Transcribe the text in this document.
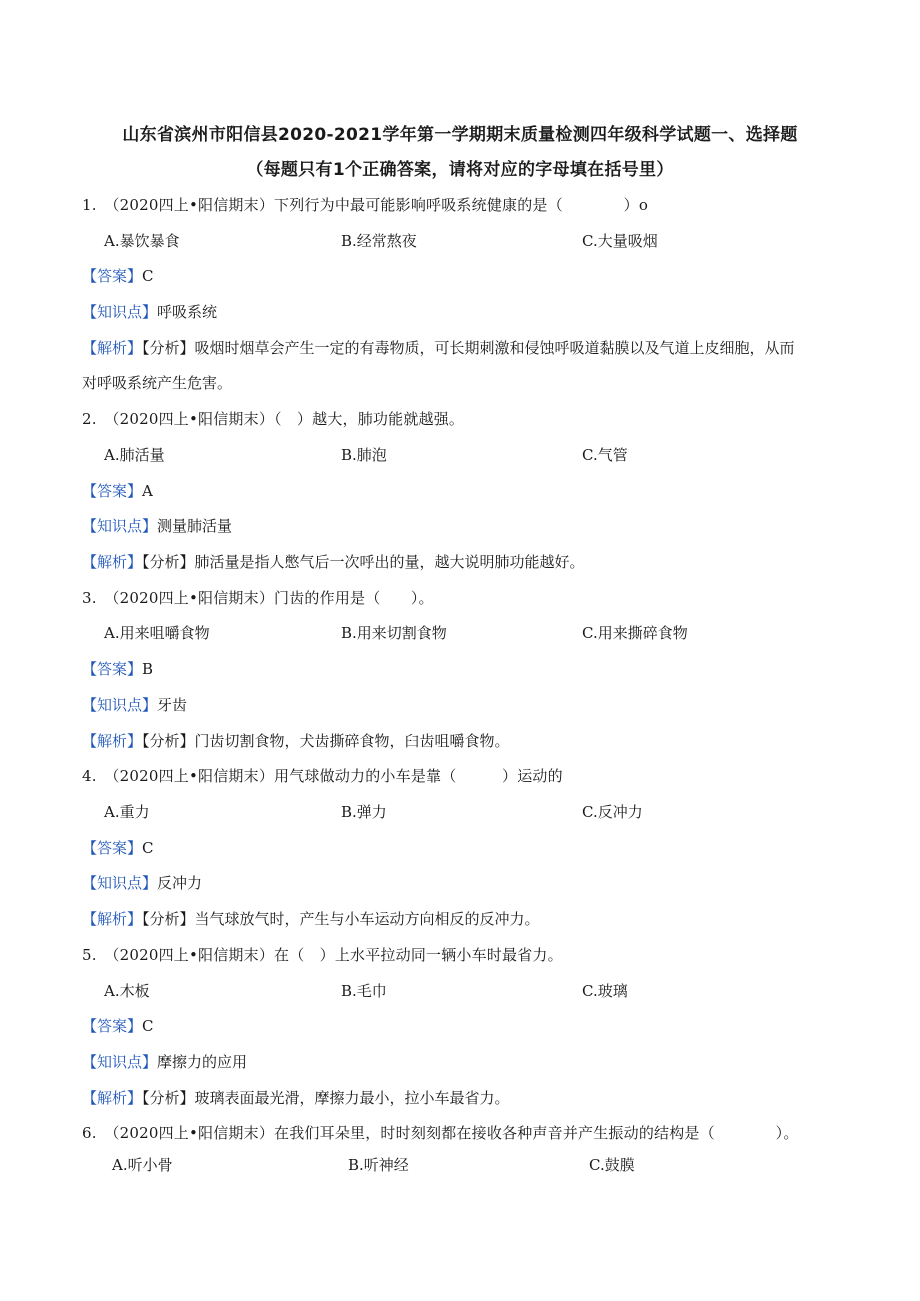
山东省滨州市阳信县2020-2021学年第一学期期末质量检测四年级科学试题一、选择题
（每题只有1个正确答案，请将对应的字母填在括号里）
1.　（2020四上•阳信期末）下列行为中最可能影响呼吸系统健康的是（　　　　）o
A.暴饮暴食	B.经常熬夜	C.大量吸烟
【答案】C
【知识点】呼吸系统
【解析】【分析】吸烟时烟草会产生一定的有毒物质，可长期刺激和侵蚀呼吸道黏膜以及气道上皮细胞，从而
对呼吸系统产生危害。
2.　（2020四上•阳信期末）（　）越大，肺功能就越强。
A.肺活量	B.肺泡	C.气管
【答案】A
【知识点】测量肺活量
【解析】【分析】肺活量是指人憋气后一次呼出的量，越大说明肺功能越好。
3.　（2020四上•阳信期末）门齿的作用是（　　）。
A.用来咀嚼食物	B.用来切割食物	C.用来撕碎食物
【答案】B
【知识点】牙齿
【解析】【分析】门齿切割食物，犬齿撕碎食物，臼齿咀嚼食物。
4.　（2020四上•阳信期末）用气球做动力的小车是靠（　　　）运动的
A.重力	B.弹力	C.反冲力
【答案】C
【知识点】反冲力
【解析】【分析】当气球放气时，产生与小车运动方向相反的反冲力。
5.　（2020四上•阳信期末）在（　）上水平拉动同一辆小车时最省力。
A.木板	B.毛巾	C.玻璃
【答案】C
【知识点】摩擦力的应用
【解析】【分析】玻璃表面最光滑，摩擦力最小，拉小车最省力。
6.　（2020四上•阳信期末）在我们耳朵里，时时刻刻都在接收各种声音并产生振动的结构是（　　　　）。
A.听小骨	B.听神经	C.鼓膜
